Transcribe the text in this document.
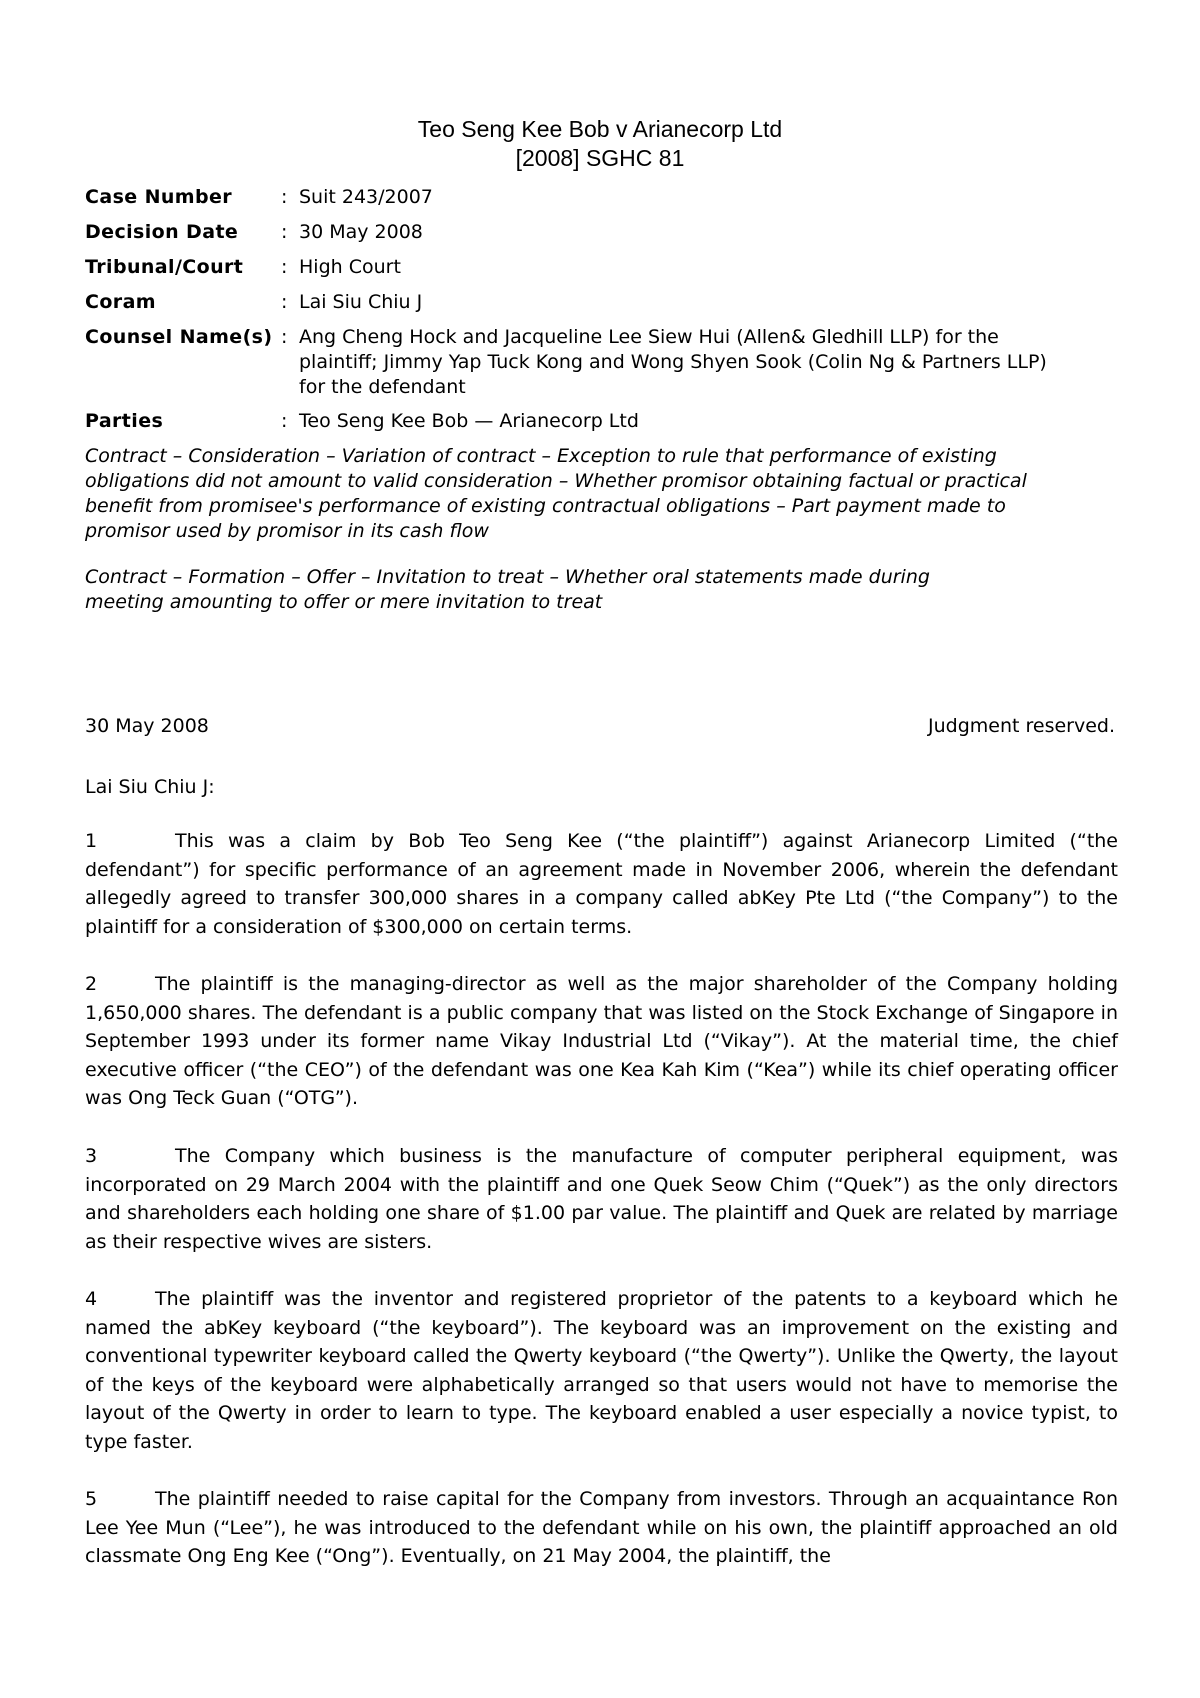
Teo Seng Kee Bob v Arianecorp Ltd
[2008] SGHC 81
Case Number	: Suit 243/2007
Decision Date : 30 May 2008
Tribunal/Court : High Court
Coram	: Lai Siu Chiu J
Counsel Name(s) : Ang Cheng Hock and Jacqueline Lee Siew Hui (Allen& Gledhill LLP) for the
plaintiff; Jimmy Yap Tuck Kong and Wong Shyen Sook (Colin Ng & Partners LLP)
for the defendant
Parties	: Teo Seng Kee Bob — Arianecorp Ltd
Contract – Consideration – Variation of contract – Exception to rule that performance of existing
obligations did not amount to valid consideration – Whether promisor obtaining factual or practical
benefit from promisee's performance of existing contractual obligations – Part payment made to
promisor used by promisor in its cash flow
Contract – Formation – Offer – Invitation to treat – Whether oral statements made during
meeting amounting to offer or mere invitation to treat
30 May 2008	Judgment reserved.
Lai Siu Chiu J:
1	This was a claim by Bob Teo Seng Kee (“the plaintiff”) against Arianecorp Limited (“the defendant”) for specific performance of an agreement made in November 2006, wherein the defendant allegedly agreed to transfer 300,000 shares in a company called abKey Pte Ltd (“the Company”) to the plaintiff for a consideration of $300,000 on certain terms.
2	The plaintiff is the managing-director as well as the major shareholder of the Company holding 1,650,000 shares. The defendant is a public company that was listed on the Stock Exchange of Singapore in September 1993 under its former name Vikay Industrial Ltd (“Vikay”). At the material time, the chief executive officer (“the CEO”) of the defendant was one Kea Kah Kim (“Kea”) while its chief operating officer was Ong Teck Guan (“OTG”).
3	The Company which business is the manufacture of computer peripheral equipment, was incorporated on 29 March 2004 with the plaintiff and one Quek Seow Chim (“Quek”) as the only directors and shareholders each holding one share of $1.00 par value. The plaintiff and Quek are related by marriage as their respective wives are sisters.
4	The plaintiff was the inventor and registered proprietor of the patents to a keyboard which he named the abKey keyboard (“the keyboard”). The keyboard was an improvement on the existing and conventional typewriter keyboard called the Qwerty keyboard (“the Qwerty”). Unlike the Qwerty, the layout of the keys of the keyboard were alphabetically arranged so that users would not have to memorise the layout of the Qwerty in order to learn to type. The keyboard enabled a user especially a novice typist, to type faster.
5	The plaintiff needed to raise capital for the Company from investors. Through an acquaintance Ron Lee Yee Mun (“Lee”), he was introduced to the defendant while on his own, the plaintiff approached an old classmate Ong Eng Kee (“Ong”). Eventually, on 21 May 2004, the plaintiff, the
